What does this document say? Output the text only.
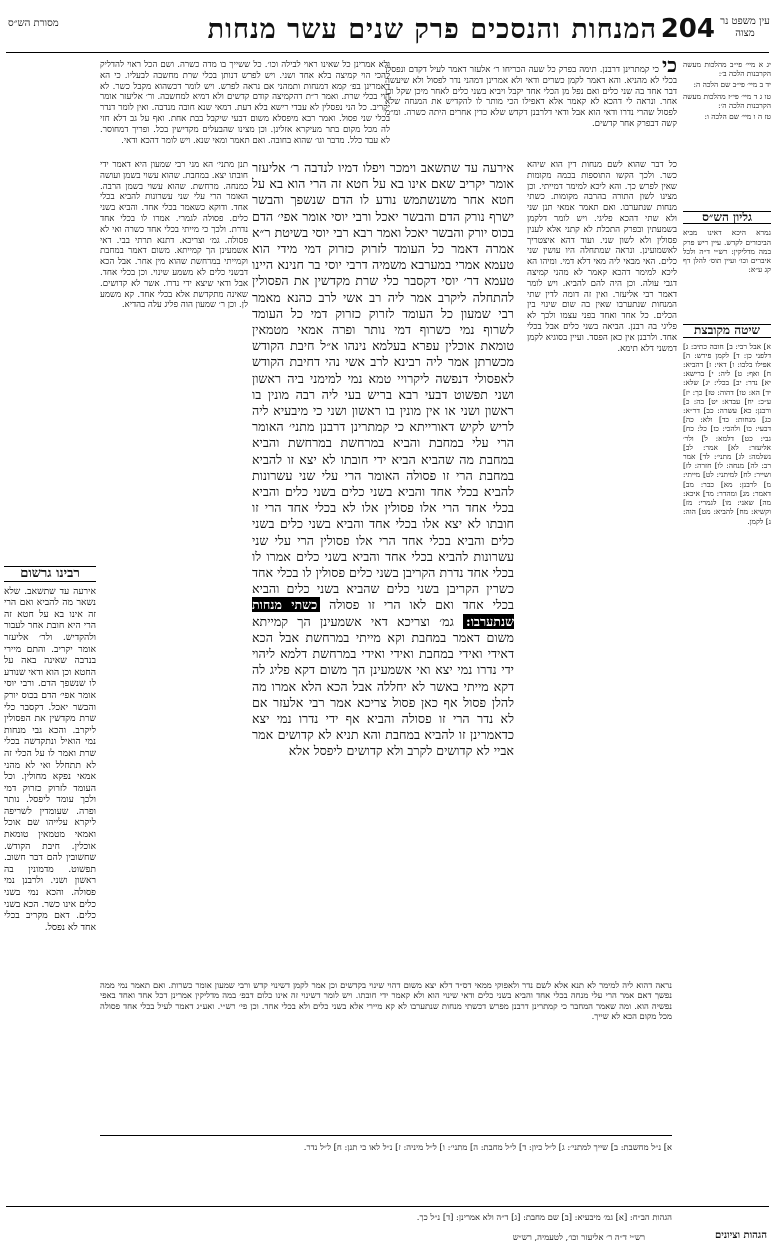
המנחות והנסכים פרק שנים עשר מנחות 204 עין משפט נר מצוה
מסורת הש״ס

יג א מיי׳ פי״ב מהלכות מעשה הקרבנות הלכה ב׳:

יד ב מיי׳ פי״ב שם הלכה ה:

טו ג ד מיי׳ פי״ז מהלכות מעשה הקרבנות הלכה ה׳:

טז ה ו מיי׳ שם הלכה ו:

גליון הש״ס

גמרא היכא דאינו מביא הביכורים לקדש. עיין ריש פרק במה מדליקין: רש״י ד״ה ולכל איברים וכו׳ ועיין תוס׳ להלן דף קג ע״א:

שיטה מקובצת

א] אבל רבי: ב] חובה כתיב: ג] דלפני כן: ד] לקמן פירש: ה] אפילו בלבו: ו] דאי: ז] דהביא: ח] ואף: ט] ליה: י] ברישא: יא] נדר: יב] בכלי: יג] שלא: יד] הא: טו] דהוה: טז] כך: יז] ע״כ: יח] עבדא: יט] בה: כ] ורבנן: כא] עשרה: כב] דר״א: כג] מנחות: כד] ולא: כה] דבעי: כו] ולהכי: כז] כל: כח] גבי: כט] דלמא: ל] ולר׳ אליעזר: לא] אמר: לב] נשלמה: לג] מתני׳: לד] אמר רב: לה] מנחה: לו] חזרה: לז] ושייר: לח] למיתני: לט] מייתי: מ] לרבנן: מא] כבר: מב] דאמר: מג] ומהדר: מד] איכא: מה] שאני: מו] לגמרי: מז] וקשיא: מח] להביא: מט] הוה: נ] לקמן.

כי כי קמתרינן דרבנן. תימה בפרק כל שעה הכריחו ר׳ אלעזר דאמר לעיל דקדם ונפסלו בכלי לא מהניא. והא דאמר לקמן כשרים ודאי ולא אמרינן דמהני נדר לפסול ולא שיעשה דבר אחד בה שני כלים ואם נפל מן הכלי אחד יקבל ויביא בשני כלים לאחר מיכן שקל וכן אחר. ונראה לי דהכא לא קאמר אלא דאפילו הכי מותר לו להקדיש את המנחה שלא לפסול שהרי נדרו ודאי הוא אבל ודאי דלרבנן דקדש שלא כדין אחרים היתה כשרה. ומ״מ קשה דבפרק אחר קדשים.

כל דבר שהוא לשם מנחות דין הוא שיהא כשר. ולכך הקשו התוספות בכמה מקומות שאין לפרש כך. והא ליכא למימר דמייתי. וכן מצינו לשון התורה בהרבה מקומות. כשתי מנחות שנתערבו. ואם תאמר אמאי תנן שני ולא שתי דהכא פליגי. ויש לומר דלקמן בשמעתין ובפרק התכלת לא קתני אלא לענין פסולין ולא לשון שני. ועוד דהא איצטריך לאשמועינן. ונראה שמתחלה היו עושין שני כלים. האי מבאי ליה מאי דלא דמי. ומיהו הא ליכא למימר דהכא קאמר לא מהני קמיצה דגבי עולה. וכן היה להם להביא. ויש לומר דאמר רבי אליעזר. ואין זה דומה לדין שתי המנחות שנתערבו שאין בה שום שינוי בין הכלים. כל אחד ואחד בפני עצמו ולכך לא פליגי בה רבנן. הביאה בשני כלים אבל בכלי אחד. ולרבנן אין כאן הפסד. ועיין בסוגיא לקמן דמשני דלא תימא.

ולא אמרינן כל שאינו ראוי לבילה וכו׳. כל ששייך בו מדה כשרה. ושם הכל ראוי להדליק להכי הוי קמיצה בלא אחד ושני. ויש לפרש דנותן בכלי שרת מחשבה לבעליו. כי הא דאמרינן בפ׳ קמא דמנחות ותמהני אם נראה לפרש. ויש לומר דכשהוא מקבל כשר. לא הוי בכלי שרת. ואמר ר״ת דהקמיצה קודם קדשים ולא דמיא למחשבה. ור׳ אליעזר אומר יקריב. כל הני נפסלין לא עבדי רישא בלא דעת. דמאי שנא חובה מנדבה. ואין לומר דנדר בכלי שני פסול. ואמר רבא מיפסלא משום דבעי שיקבל בבת אחת. ואף על גב דלא חזי לה מכל מקום בתר מעיקרא אזלינן. וכן מצינו שהבעלים מקדישין בכל. ופריך דמחוסר. לא עבד כלל. מדבר וגו׳ שהוא בחובה. ואם תאמר ומאי שנא. ויש לומר דהכא ודאי.

תנן מתני׳ הא מני רבי שמעון היא דאמר ידי חובתו יצא. במחבת. שהוא עשוי בשמן ועושה כמנחה. מרחשת. שהוא עשוי בשמן הרבה. האומר הרי עלי שני עשרונות להביא בכלי אחד. ודוקא כשאמר בכלי אחד. והביא בשני כלים. פסולה לגמרי. אמרו לו בכלי אחד נדרת. ולכך כי מייתי בכלי אחד כשרה ואי לא פסולה. גמ׳ וצריכא. דתנא תרתי בבי. דאי אשמעינן הך קמייתא. משום דאמר במחבת וקמייתי במרחשת שהוא מין אחר. אבל הכא דבשני כלים לא משמע שינוי. וכן בכלי אחד. אבל ודאי שיצא ידי נדרו. אשר לא קדושים. שאינה מתקדשת אלא בכלי אחד. קא משמע לן. וכן ר׳ שמעון הוה פליג עלה בהדיא.

אירעה עד שתשאב וימכר ויפלו דמיו לנדבה ר׳ אליעזר אומר יקריב שאם אינו בא על חטא זה הרי הוא בא על חטא אחר משנשתמש נודע לו הדם שנשפך והבשר ישרף נורק הדם והבשר יאכל ורבי יוסי אומר אפי׳ הדם בכוס יורק והבשר יאכל ואמר רבא רבי יוסי בשיטת ר״א אמרה דאמר כל העומד לזרוק כזרוק דמי מידי הוא טעמא אמרי במערבא משמיה דרבי יוסי בר חנינא היינו טעמא דר׳ יוסי דקסבר כלי שרת מקדשין את הפסולין להתחלה ליקרב אמר ליה רב אשי לרב כהנא מאמר רבי שמעון כל העומד לזרוק כזרוק דמי כל העומד לשרוף נמי כשרוף דמי נותר ופרה אמאי מטמאין טומאת אוכלין עפרא בעלמא נינהו א״ל חיבת הקודש מכשרתן אמר ליה רבינא לרב אשי נהי דחיבת הקודש לאפסולי דנפשה ליקרויי טמא נמי למימני ביה ראשון ושני תפשוט דבעי רבא בריש בעי ליה רבה מונין בו ראשון ושני או אין מונין בו ראשון ושני כי מיבעיא ליה לריש לקיש דאורייתא כי קמתרינן דרבנן מתני׳ האומר הרי עלי במחבת והביא במרחשת במרחשת והביא במחבת מה שהביא הביא ידי חובתו לא יצא זו להביא במחבת הרי זו פסולה האומר הרי עלי שני עשרונות להביא בכלי אחד והביא בשני כלים בשני כלים והביא בכלי אחד הרי אלו פסולין אלו לא בכלי אחד הרי זו חובתו לא יצא אלו בכלי אחד והביא בשני כלים בשני כלים והביא בכלי אחד הרי אלו פסולין הרי עלי שני עשרונות להביא בכלי אחד והביא בשני כלים אמרו לו בכלי אחד נדרת הקריבן בשני כלים פסולין לו בכלי אחד כשרין הקריבן בשני כלים שהביא בשני כלים והביא בכלי אחד ואם לאו הרי זו פסולה כשתי מנחות שנתערבו: גמ׳ וצריכא דאי אשמעינן הך קמייתא משום דאמר במחבת וקא מייתי במרחשת אבל הכא דאידי ואידי במחבת ואידי ואידי במרחשת דלמא ליהוי ידי נדרו נמי יצא ואי אשמעינן הך משום דקא פליג לה דקא מייתי באשר לא יחללה אבל הכא הלא אמרו מה להלן פסול אף כאן פסול צריכא אמר רבי אלעזר אם לא נדר הרי זו פסולה והביא אף ידי נדרו נמי יצא כדאמרינן זו להביא במחבת והא תניא לא קדושים אמר אביי לא קדושים לקרב ולא קדושים ליפסל אלא
רבינו גרשום

אירעה עד שתשאב. שלא נשאר מה להביא ואם הרי זה אינו בא על חטא זה הרי היא חובת אחר לעבור ולהקדיש. ולר׳ אליעזר אומר יקריב. והתם מיירי בנדבה שאינה באה על החטא וכן הוא ודאי שנודע לו שנשפך הדם. ורבי יוסי אומר אפי׳ הדם בכוס יורק והבשר יאכל. דקסבר כלי שרת מקדשין את הפסולין ליקרב. והכא גבי מנחות נמי הואיל ונתקדשה בכלי שרת ואמר לו על הכלי זה לא תתחלל ואי לא מהני אמאי נפקא מחולין. וכל העומד לזרוק כזרוק דמי ולכך עומד ליפסל. נותר ופרה. שעומדין לשריפה ליקרא עלייהו שם אוכל ואמאי מטמאין טומאת אוכלין. חיבת הקודש. שחשובין להם דבר חשוב. תפשוט. מדמונין בה ראשון ושני. ולרבנן נמי פסולה. והכא נמי בשני כלים אינו כשר. הכא בשני כלים. דאם מקריב בכלי אחד לא נפסל.

נראה דהוא ליה למימר לא תנא אלא לשם נדר ולאפוקי ממאי דס״ד דלא יצא משום דהוי שינוי בקדשים וכן אמר לקמן דשינוי קדש ורבי שמעון אומר כשרות. ואם תאמר נמי ממה נפשך דאם אמר הרי עלי מנחה בכלי אחד והביא בשני כלים ודאי שינוי הוא ולא קאמר ידי חובתו. ויש לומר דשינוי זה אינו כלום דבפ׳ במה מדליקין אמרינן דכל אחד ואחד באפי נפשיה הוא. ומה שאמר המחבר כי קמתרינן דרבנן מפרש דכשתי מנחות שנתערבו לא קא מיירי אלא בשני כלים ולא בכלי אחד. וכן פי׳ רש״י. ואע״ג דאמר לעיל בכלי אחד פסולה מכל מקום הכא לא שייך.
א] נ״ל מחשבת: ב] שייך למתני׳: ג] ל״ל כיון: ד] ל״ל מחבת: ה] מתני׳: ו] ל״ל מיניה: ז] נ״ל לאו כי תנן: ח] ל״ל נדר.
הגהות הב״ח: [א] גמ׳ מיבעיא: [ב] שם מחבת: [ג] ד״ה ולא אמרינן: [ד] נ״ל כך.
הגהות וציונים
רש״י ד״ה ר׳ אליעזר וכו׳, לטעמיה, רש״ש
